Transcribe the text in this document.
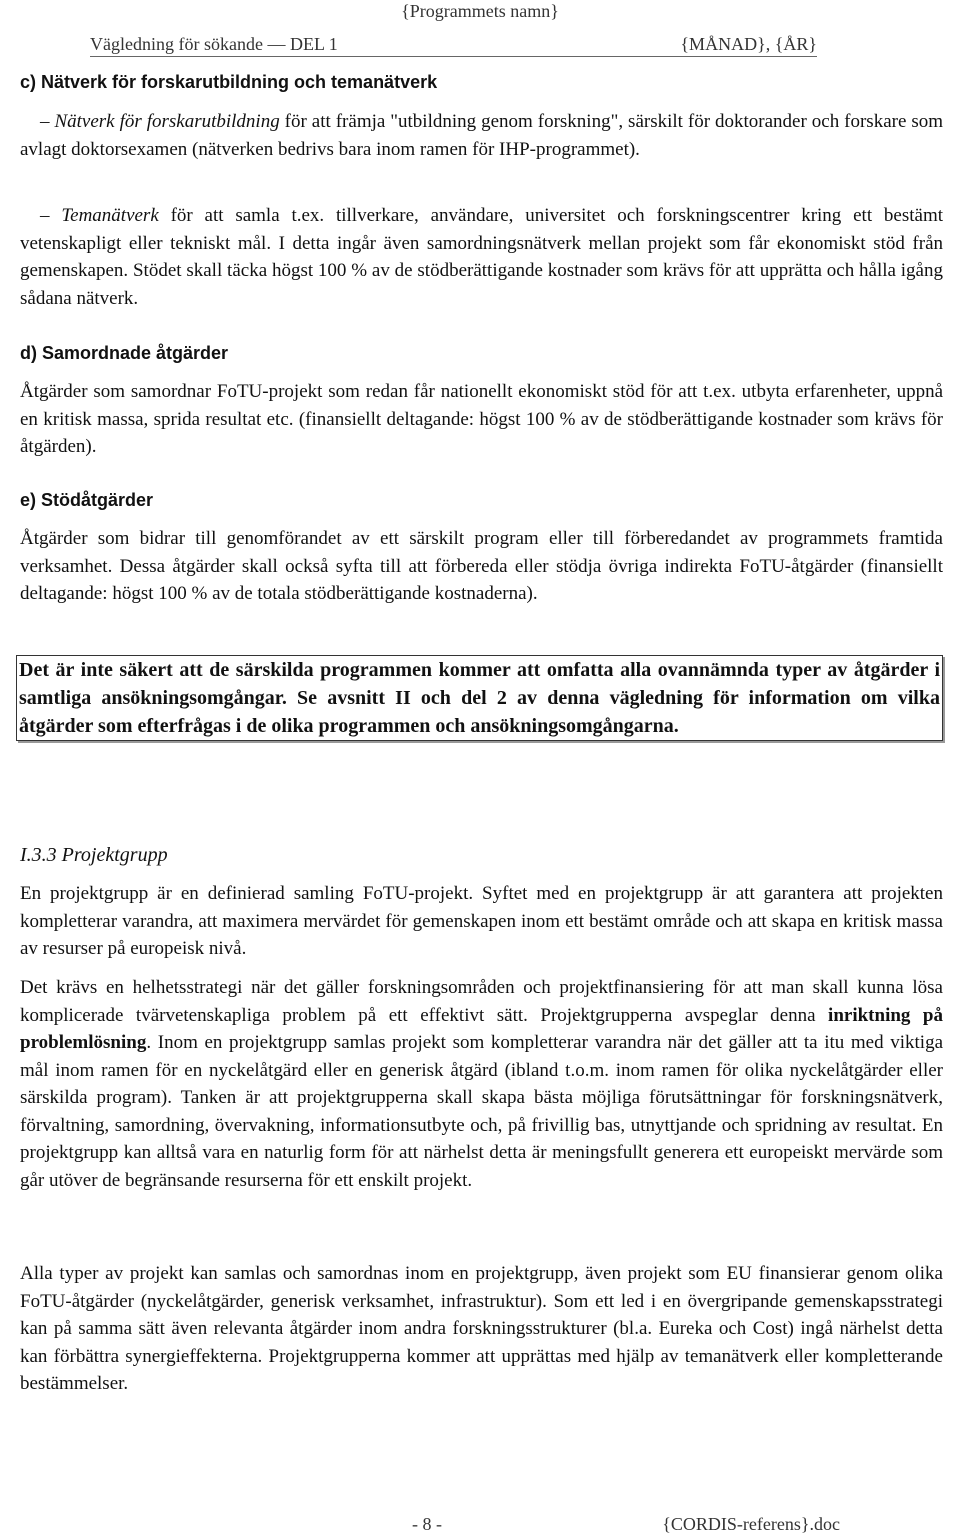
{Programmets namn}
Vägledning för sökande — DEL 1	{MÅNAD}, {ÅR}

c) Nätverk för forskarutbildning och temanätverk

– Nätverk för forskarutbildning för att främja "utbildning genom forskning", särskilt för doktorander och forskare som avlagt doktorsexamen (nätverken bedrivs bara inom ramen för IHP-programmet).

– Temanätverk för att samla t.ex. tillverkare, användare, universitet och forskningscentrer kring ett bestämt vetenskapligt eller tekniskt mål. I detta ingår även samordningsnätverk mellan projekt som får ekonomiskt stöd från gemenskapen. Stödet skall täcka högst 100 % av de stödberättigande kostnader som krävs för att upprätta och hålla igång sådana nätverk.

d) Samordnade åtgärder

Åtgärder som samordnar FoTU-projekt som redan får nationellt ekonomiskt stöd för att t.ex. utbyta erfarenheter, uppnå en kritisk massa, sprida resultat etc. (finansiellt deltagande: högst 100 % av de stödberättigande kostnader som krävs för åtgärden).

e) Stödåtgärder

Åtgärder som bidrar till genomförandet av ett särskilt program eller till förberedandet av programmets framtida verksamhet. Dessa åtgärder skall också syfta till att förbereda eller stödja övriga indirekta FoTU-åtgärder (finansiellt deltagande: högst 100 % av de totala stödberättigande kostnaderna).

Det är inte säkert att de särskilda programmen kommer att omfatta alla ovannämnda typer av åtgärder i samtliga ansökningsomgångar. Se avsnitt II och del 2 av denna vägledning för information om vilka åtgärder som efterfrågas i de olika programmen och ansökningsomgångarna.

I.3.3 Projektgrupp

En projektgrupp är en definierad samling FoTU-projekt. Syftet med en projektgrupp är att garantera att projekten kompletterar varandra, att maximera mervärdet för gemenskapen inom ett bestämt område och att skapa en kritisk massa av resurser på europeisk nivå.

Det krävs en helhetsstrategi när det gäller forskningsområden och projektfinansiering för att man skall kunna lösa komplicerade tvärvetenskapliga problem på ett effektivt sätt. Projektgrupperna avspeglar denna inriktning på problemlösning. Inom en projektgrupp samlas projekt som kompletterar varandra när det gäller att ta itu med viktiga mål inom ramen för en nyckelåtgärd eller en generisk åtgärd (ibland t.o.m. inom ramen för olika nyckelåtgärder eller särskilda program). Tanken är att projektgrupperna skall skapa bästa möjliga förutsättningar för forskningsnätverk, förvaltning, samordning, övervakning, informationsutbyte och, på frivillig bas, utnyttjande och spridning av resultat. En projektgrupp kan alltså vara en naturlig form för att närhelst detta är meningsfullt generera ett europeiskt mervärde som går utöver de begränsande resurserna för ett enskilt projekt.

Alla typer av projekt kan samlas och samordnas inom en projektgrupp, även projekt som EU finansierar genom olika FoTU-åtgärder (nyckelåtgärder, generisk verksamhet, infrastruktur). Som ett led i en övergripande gemenskapsstrategi kan på samma sätt även relevanta åtgärder inom andra forskningsstrukturer (bl.a. Eureka och Cost) ingå närhelst detta kan förbättra synergieffekterna. Projektgrupperna kommer att upprättas med hjälp av temanätverk eller kompletterande bestämmelser.

- 8 -	{CORDIS-referens}.doc
